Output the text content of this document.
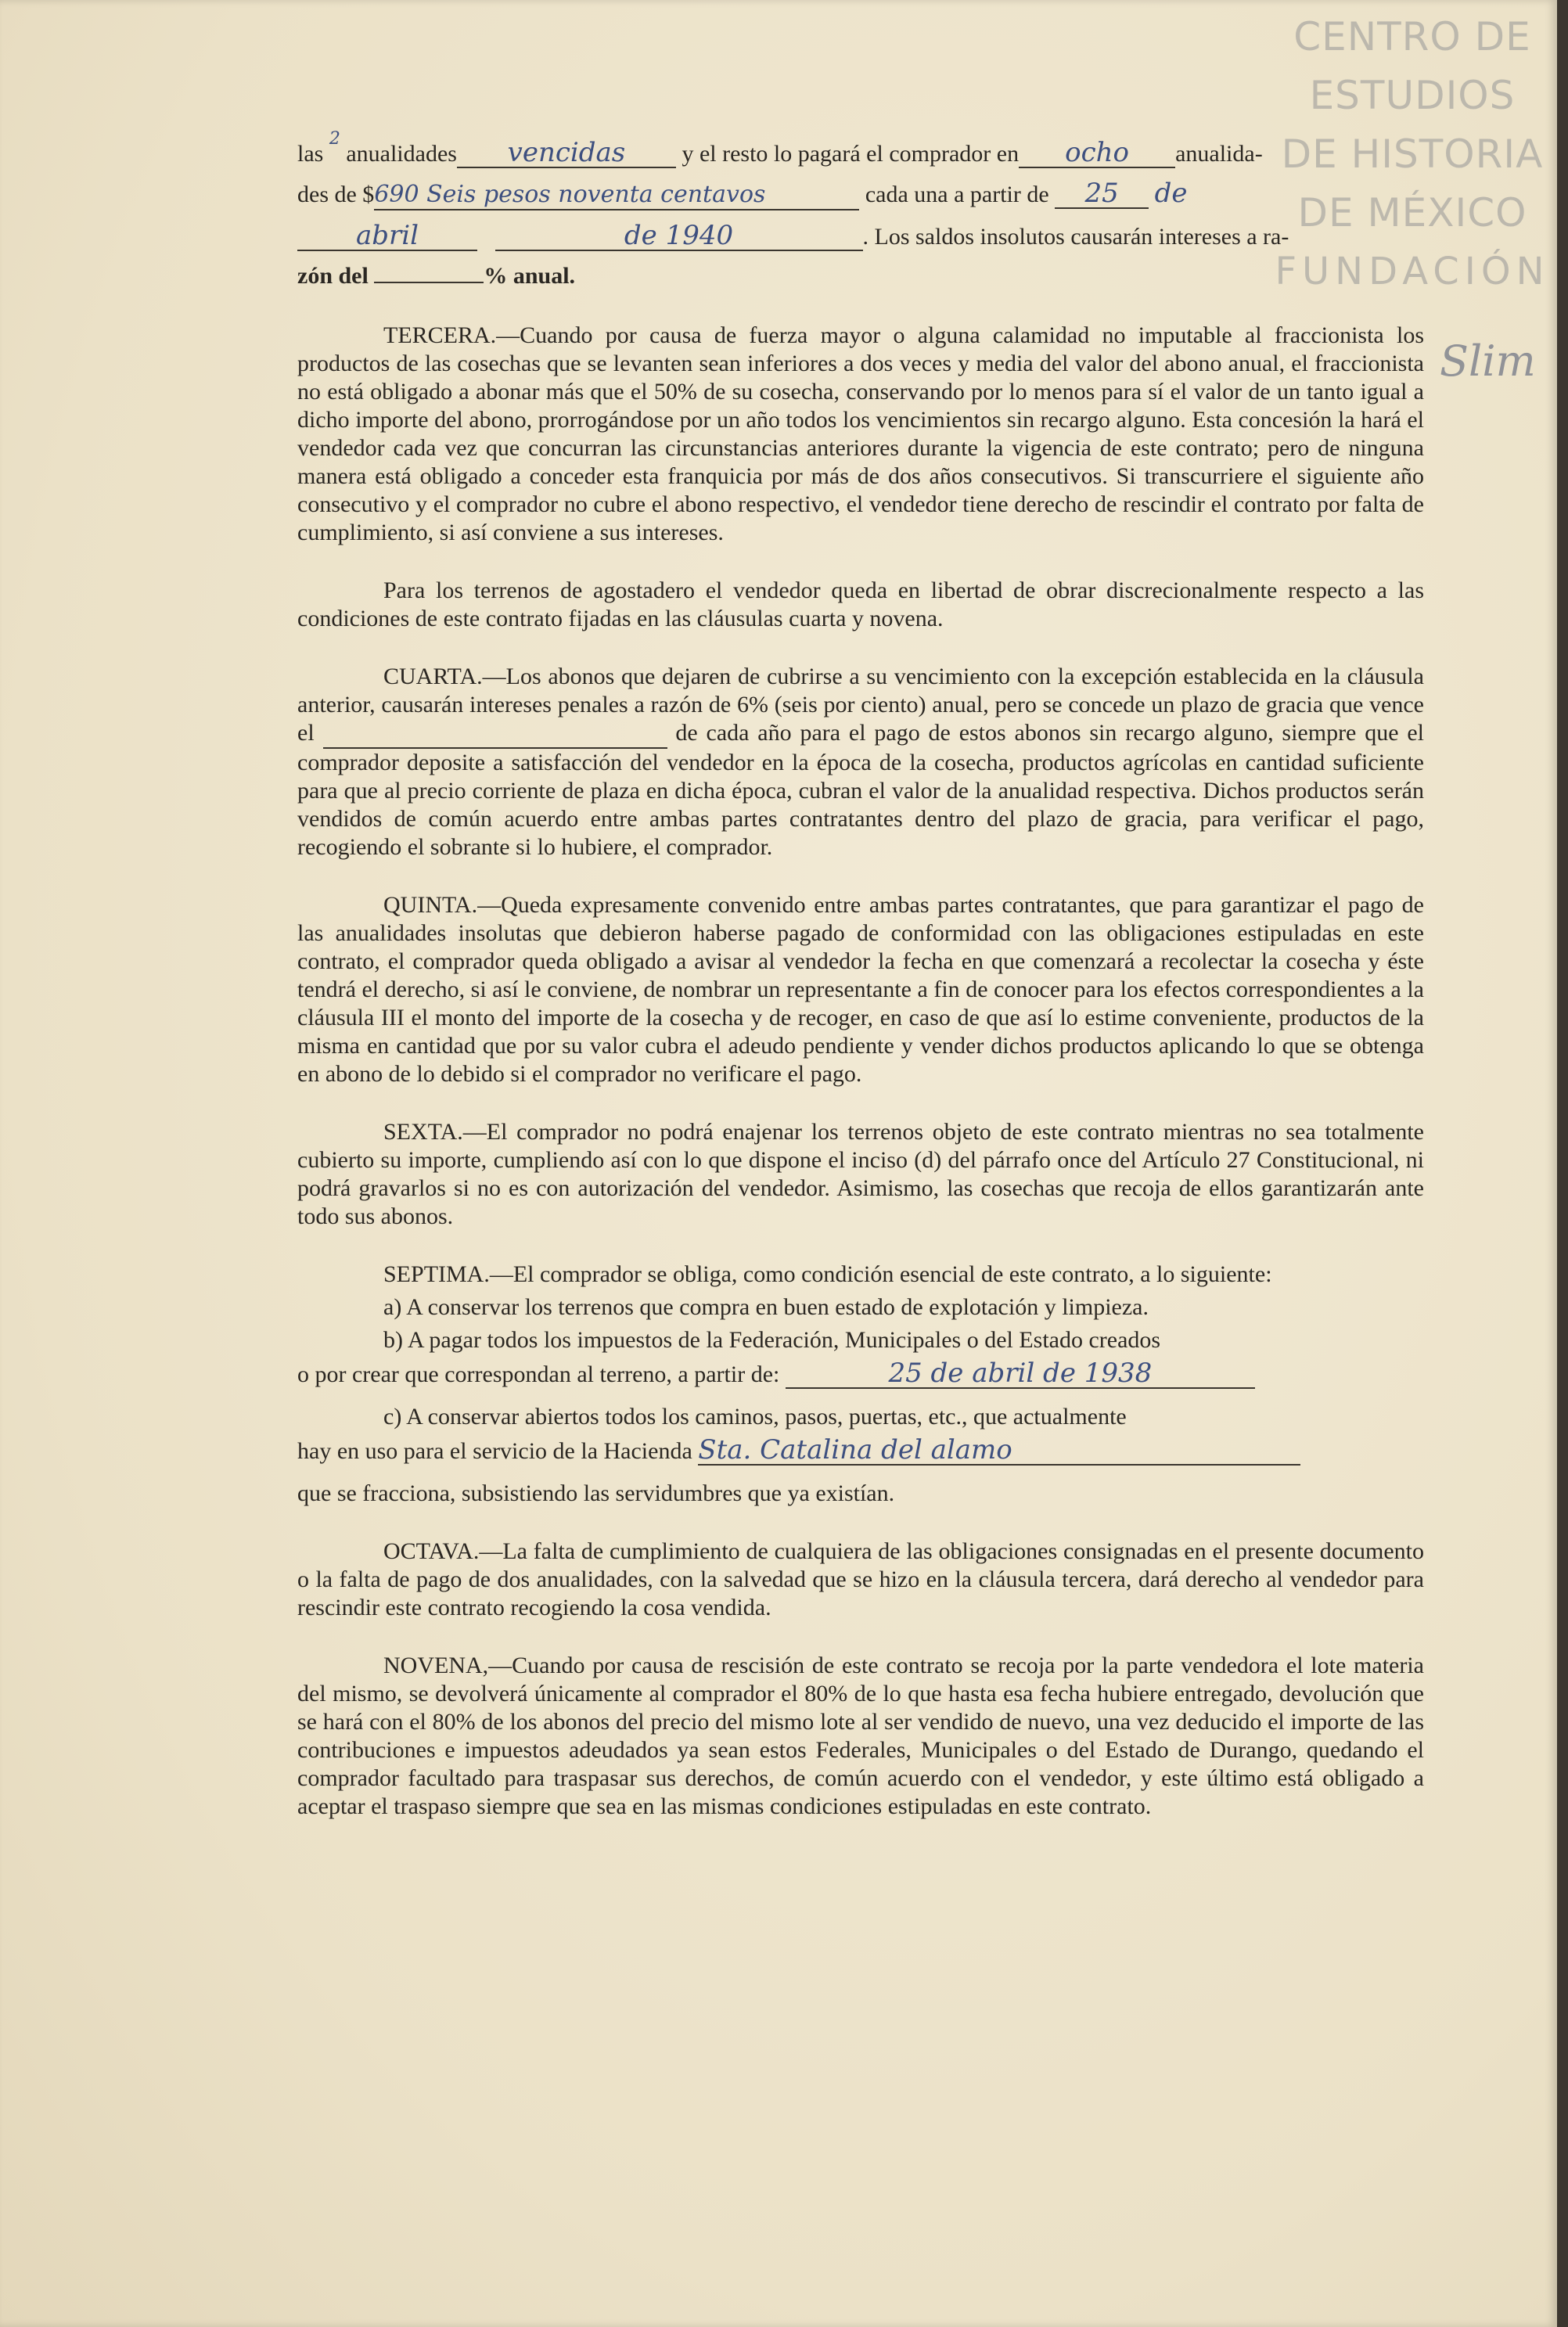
CENTRO DE
ESTUDIOS
DE HISTORIA
DE MÉXICO
FUNDACIÓN
Slim
las $^2$ anualidades vencidas y el resto lo pagará el comprador en ocho anualida-
des de $690 Seis pesos noventa centavos	cada una a partir de 25 de
abril	de 1940	. Los saldos insolutos causarán intereses a ra-
zón del	% anual.
TERCERA.—Cuando por causa de fuerza mayor o alguna calamidad no imputable al fraccionista los productos de las cosechas que se levanten sean inferiores a dos veces y media del valor del abono anual, el fraccionista no está obligado a abonar más que el 50% de su cosecha, conservando por lo menos para sí el valor de un tanto igual a dicho importe del abono, prorrogándose por un año todos los vencimientos sin recargo alguno. Esta concesión la hará el vendedor cada vez que concurran las circunstancias anteriores durante la vigencia de este contrato; pero de ninguna manera está obligado a conceder esta franquicia por más de dos años consecutivos. Si transcurriere el siguiente año consecutivo y el comprador no cubre el abono respectivo, el vendedor tiene derecho de rescindir el contrato por falta de cumplimiento, si así conviene a sus intereses.
Para los terrenos de agostadero el vendedor queda en libertad de obrar discrecionalmente respecto a las condiciones de este contrato fijadas en las cláusulas cuarta y novena.
CUARTA.—Los abonos que dejaren de cubrirse a su vencimiento con la excepción establecida en la cláusula anterior, causarán intereses penales a razón de 6% (seis por ciento) anual, pero se concede un plazo de gracia que vence el	de cada año para el pago de estos abonos sin recargo alguno, siempre que el comprador deposite a satisfacción del vendedor en la época de la cosecha, productos agrícolas en cantidad suficiente para que al precio corriente de plaza en dicha época, cubran el valor de la anualidad respectiva. Dichos productos serán vendidos de común acuerdo entre ambas partes contratantes dentro del plazo de gracia, para verificar el pago, recogiendo el sobrante si lo hubiere, el comprador.
QUINTA.—Queda expresamente convenido entre ambas partes contratantes, que para garantizar el pago de las anualidades insolutas que debieron haberse pagado de conformidad con las obligaciones estipuladas en este contrato, el comprador queda obligado a avisar al vendedor la fecha en que comenzará a recolectar la cosecha y éste tendrá el derecho, si así le conviene, de nombrar un representante a fin de conocer para los efectos correspondientes a la cláusula III el monto del importe de la cosecha y de recoger, en caso de que así lo estime conveniente, productos de la misma en cantidad que por su valor cubra el adeudo pendiente y vender dichos productos aplicando lo que se obtenga en abono de lo debido si el comprador no verificare el pago.
SEXTA.—El comprador no podrá enajenar los terrenos objeto de este contrato mientras no sea totalmente cubierto su importe, cumpliendo así con lo que dispone el inciso (d) del párrafo once del Artículo 27 Constitucional, ni podrá gravarlos si no es con autorización del vendedor. Asimismo, las cosechas que recoja de ellos garantizarán ante todo sus abonos.
SEPTIMA.—El comprador se obliga, como condición esencial de este contrato, a lo siguiente:
a) A conservar los terrenos que compra en buen estado de explotación y limpieza.
b) A pagar todos los impuestos de la Federación, Municipales o del Estado creados
o por crear que correspondan al terreno, a partir de:	25 de abril de 1938
c) A conservar abiertos todos los caminos, pasos, puertas, etc., que actualmente
hay en uso para el servicio de la Hacienda Sta. Catalina del alamo
que se fracciona, subsistiendo las servidumbres que ya existían.
OCTAVA.—La falta de cumplimiento de cualquiera de las obligaciones consignadas en el presente documento o la falta de pago de dos anualidades, con la salvedad que se hizo en la cláusula tercera, dará derecho al vendedor para rescindir este contrato recogiendo la cosa vendida.
NOVENA,—Cuando por causa de rescisión de este contrato se recoja por la parte vendedora el lote materia del mismo, se devolverá únicamente al comprador el 80% de lo que hasta esa fecha hubiere entregado, devolución que se hará con el 80% de los abonos del precio del mismo lote al ser vendido de nuevo, una vez deducido el importe de las contribuciones e impuestos adeudados ya sean estos Federales, Municipales o del Estado de Durango, quedando el comprador facultado para traspasar sus derechos, de común acuerdo con el vendedor, y este último está obligado a aceptar el traspaso siempre que sea en las mismas condiciones estipuladas en este contrato.
